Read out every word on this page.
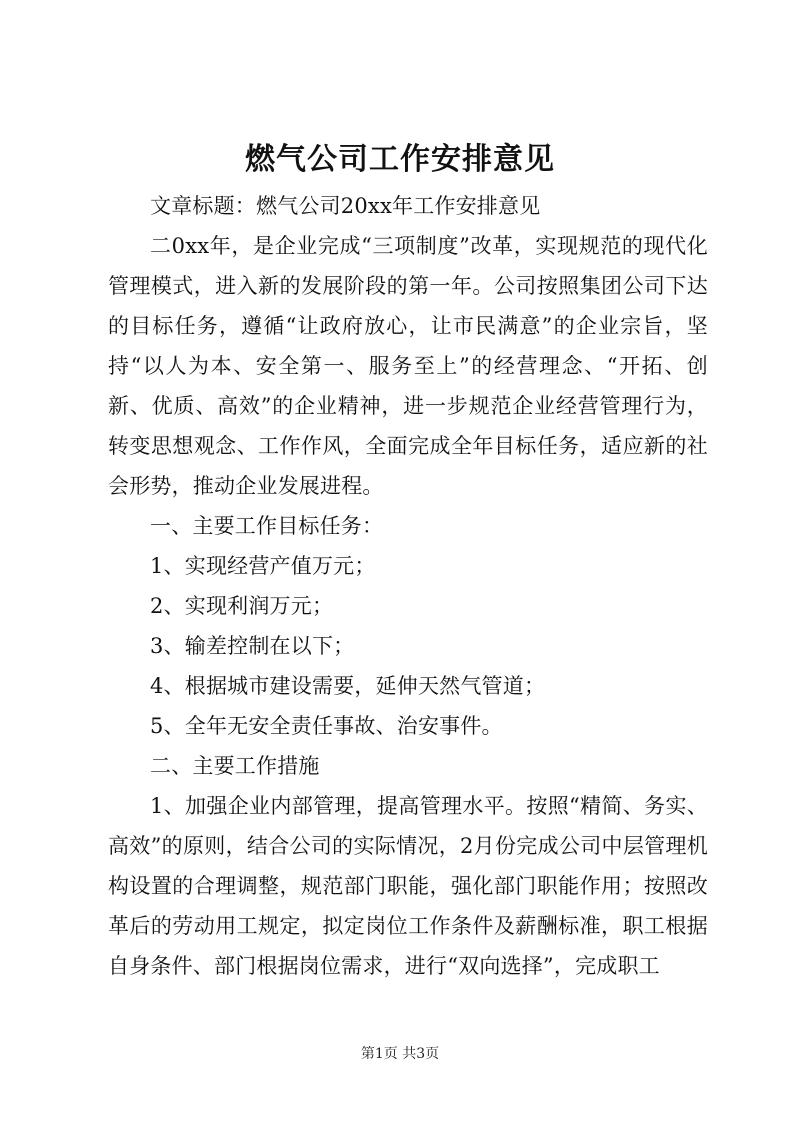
燃气公司工作安排意见

文章标题：燃气公司20xx年工作安排意见

二0xx年，是企业完成“三项制度”改革，实现规范的现代化管理模式，进入新的发展阶段的第一年。公司按照集团公司下达的目标任务，遵循“让政府放心，让市民满意”的企业宗旨，坚持“以人为本、安全第一、服务至上”的经营理念、“开拓、创新、优质、高效”的企业精神，进一步规范企业经营管理行为，转变思想观念、工作作风，全面完成全年目标任务，适应新的社会形势，推动企业发展进程。

一、主要工作目标任务：

1、实现经营产值万元；

2、实现利润万元；

3、输差控制在以下；

4、根据城市建设需要，延伸天然气管道；

5、全年无安全责任事故、治安事件。

二、主要工作措施

1、加强企业内部管理，提高管理水平。按照“精简、务实、高效”的原则，结合公司的实际情况，2月份完成公司中层管理机构设置的合理调整，规范部门职能，强化部门职能作用；按照改革后的劳动用工规定，拟定岗位工作条件及薪酬标准，职工根据自身条件、部门根据岗位需求，进行“双向选择”，完成职工

第1页 共3页
